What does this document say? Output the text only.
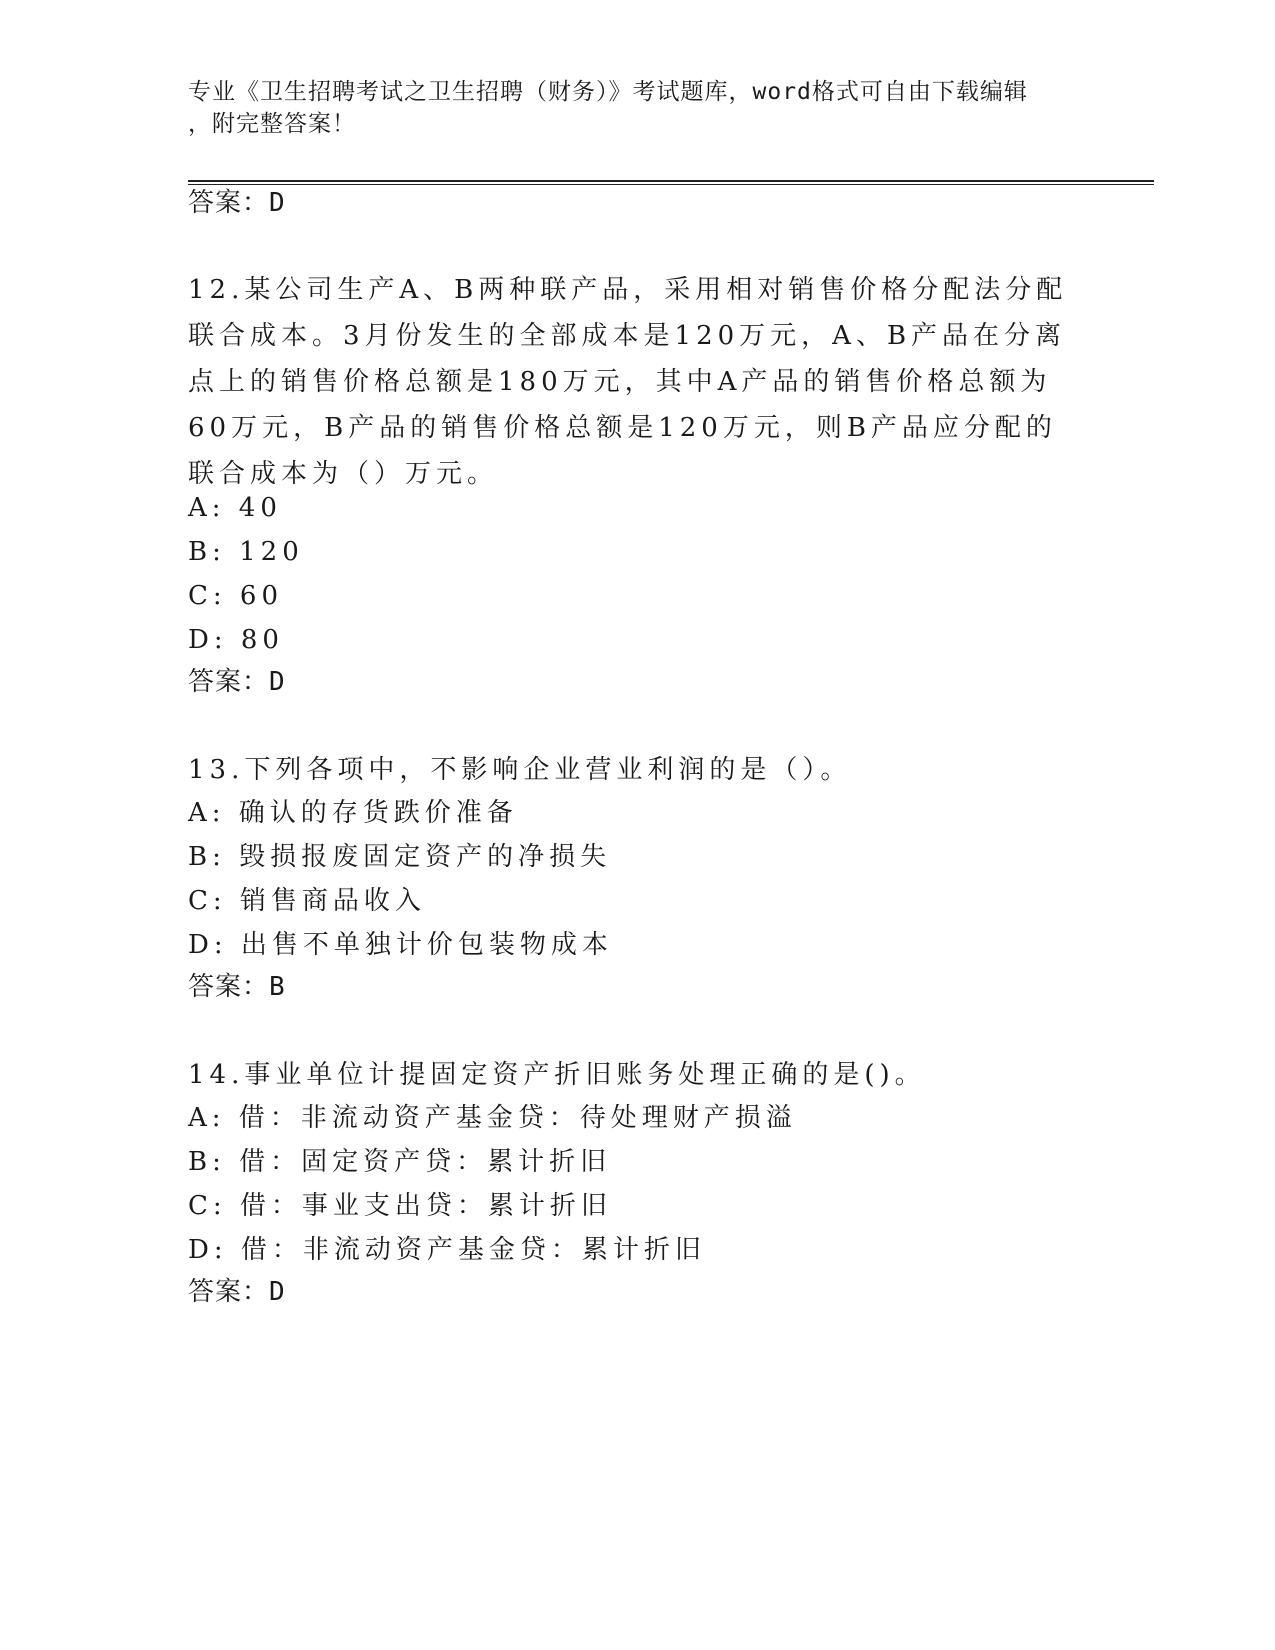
专业《卫生招聘考试之卫生招聘（财务）》考试题库，word格式可自由下载编辑
，附完整答案！
答案：D
12.某公司生产A、B两种联产品，采用相对销售价格分配法分配联合成本。3月份发生的全部成本是120万元，A、B产品在分离点上的销售价格总额是180万元，其中A产品的销售价格总额为60万元，B产品的销售价格总额是120万元，则B产品应分配的联合成本为（）万元。
A: 40
B: 120
C: 60
D: 80
答案：D
13.下列各项中，不影响企业营业利润的是（）。
A: 确认的存货跌价准备
B: 毁损报废固定资产的净损失
C: 销售商品收入
D: 出售不单独计价包装物成本
答案：B
14.事业单位计提固定资产折旧账务处理正确的是()。
A: 借：非流动资产基金贷：待处理财产损溢
B: 借：固定资产贷：累计折旧
C: 借：事业支出贷：累计折旧
D: 借：非流动资产基金贷：累计折旧
答案：D
